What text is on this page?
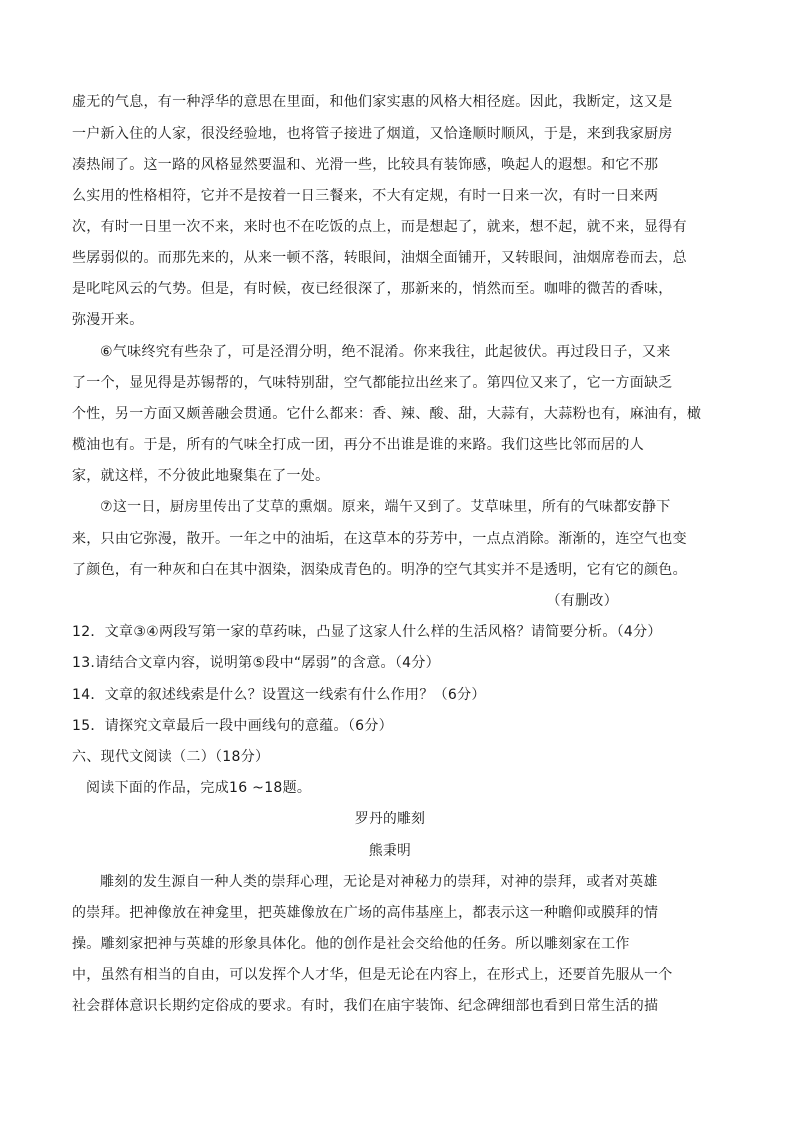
虚无的气息，有一种浮华的意思在里面，和他们家实惠的风格大相径庭。因此，我断定，这又是
一户新入住的人家，很没经验地，也将管子接进了烟道，又恰逢顺时顺风，于是，来到我家厨房
凑热闹了。这一路的风格显然要温和、光滑一些，比较具有装饰感，唤起人的遐想。和它不那
么实用的性格相符，它并不是按着一日三餐来，不大有定规，有时一日来一次，有时一日来两
次，有时一日里一次不来，来时也不在吃饭的点上，而是想起了，就来，想不起，就不来，显得有
些孱弱似的。而那先来的，从来一顿不落，转眼间，油烟全面铺开，又转眼间，油烟席卷而去，总
是叱咤风云的气势。但是，有时候，夜已经很深了，那新来的，悄然而至。咖啡的微苦的香味，
弥漫开来。
⑥气味终究有些杂了，可是泾渭分明，绝不混淆。你来我往，此起彼伏。再过段日子，又来
了一个，显见得是苏锡帮的，气味特别甜，空气都能拉出丝来了。第四位又来了，它一方面缺乏
个性，另一方面又颇善融会贯通。它什么都来：香、辣、酸、甜，大蒜有，大蒜粉也有，麻油有，橄
榄油也有。于是，所有的气味全打成一团，再分不出谁是谁的来路。我们这些比邻而居的人
家，就这样，不分彼此地聚集在了一处。
⑦这一日，厨房里传出了艾草的熏烟。原来，端午又到了。艾草味里，所有的气味都安静下
来，只由它弥漫，散开。一年之中的油垢，在这草本的芬芳中，一点点消除。渐渐的，连空气也变
了颜色，有一种灰和白在其中洇染，洇染成青色的。明净的空气其实并不是透明，它有它的颜色。
（有删改）
12．文章③④两段写第一家的草药味，凸显了这家人什么样的生活风格？请简要分析。（4分）
13.请结合文章内容，说明第⑤段中“孱弱”的含意。（4分）
14．文章的叙述线索是什么？设置这一线索有什么作用？（6分）
15．请探究文章最后一段中画线句的意蕴。（6分）
六、现代文阅读（二）（18分）
阅读下面的作品，完成16 ~18题。
罗丹的雕刻
熊秉明
雕刻的发生源自一种人类的崇拜心理，无论是对神秘力的崇拜，对神的崇拜，或者对英雄
的崇拜。把神像放在神龛里，把英雄像放在广场的高伟基座上，都表示这一种瞻仰或膜拜的情
操。雕刻家把神与英雄的形象具体化。他的创作是社会交给他的任务。所以雕刻家在工作
中，虽然有相当的自由，可以发挥个人才华，但是无论在内容上，在形式上，还要首先服从一个
社会群体意识长期约定俗成的要求。有时，我们在庙宇装饰、纪念碑细部也看到日常生活的描
